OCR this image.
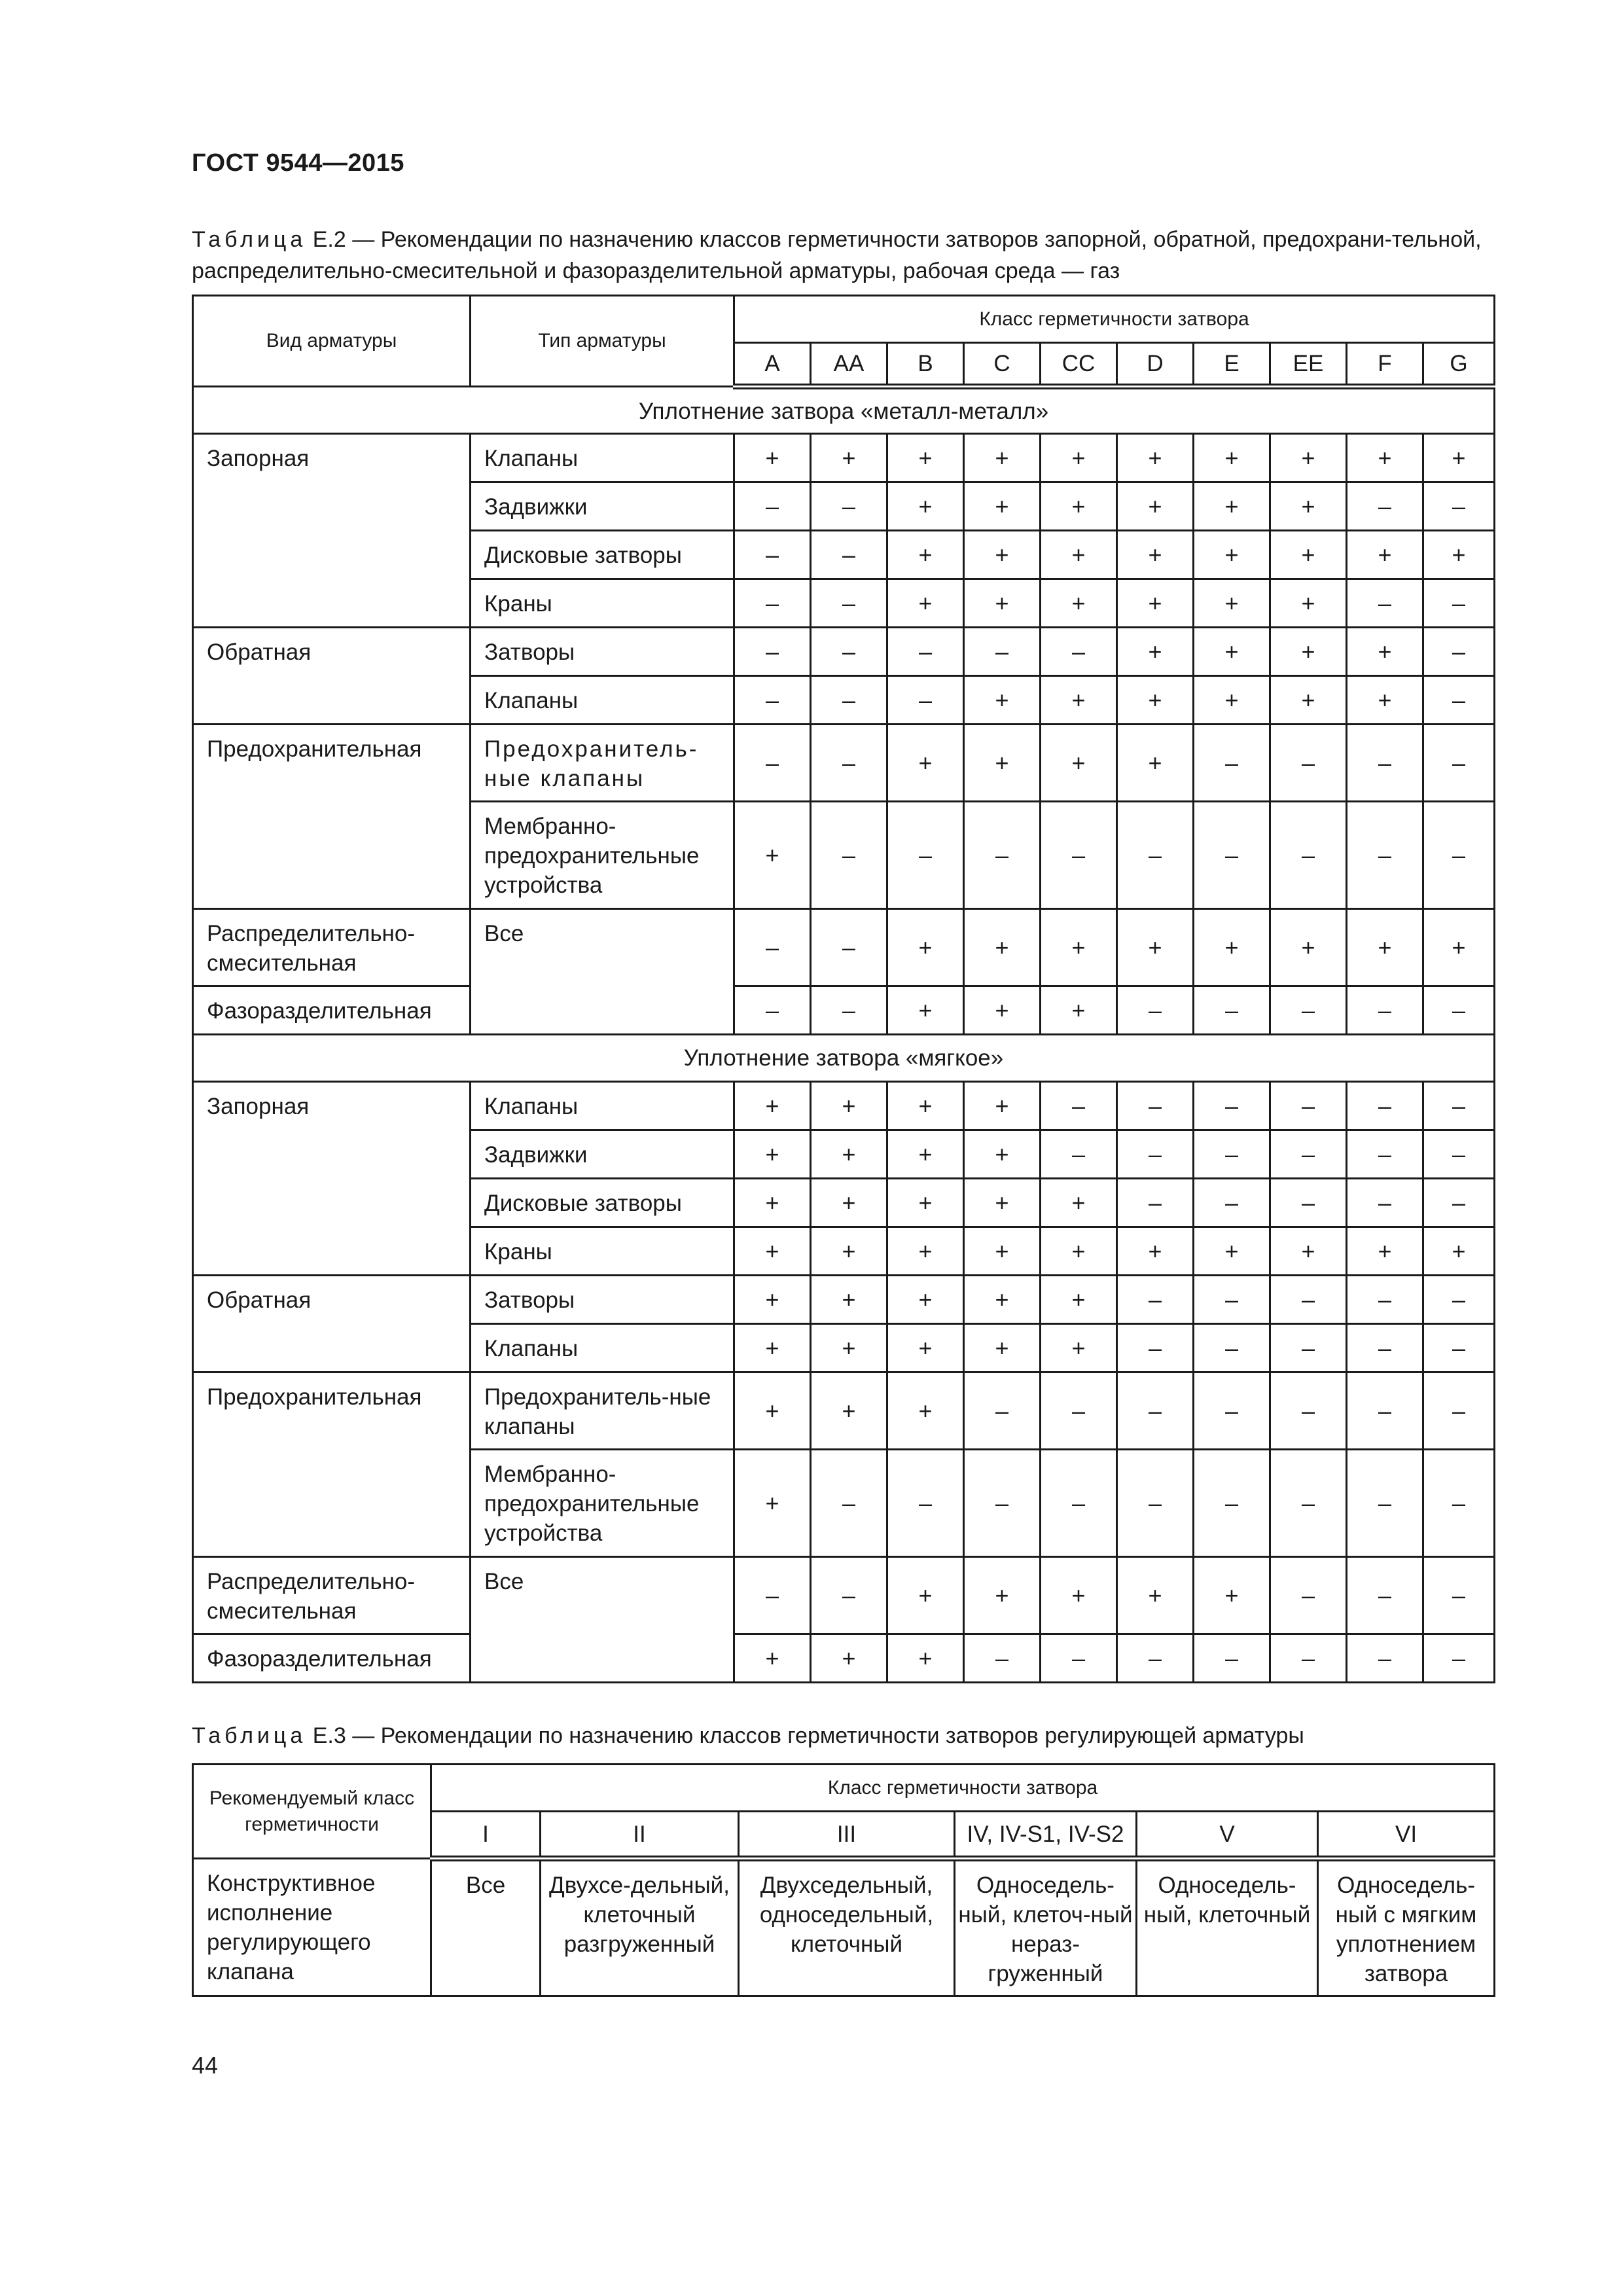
ГОСТ 9544—2015
Таблица Е.2 — Рекомендации по назначению классов герметичности затворов запорной, обратной, предохрани-тельной, распределительно-смесительной и фазоразделительной арматуры, рабочая среда — газ
Вид арматуры	Тип арматуры	Класс герметичности затвора									
		А	АА	В	С	СС	D	E	EE	F	G
Уплотнение затвора «металл-металл»											
Запорная	Клапаны	+	+	+	+	+	+	+	+	+	+
	Задвижки	–	–	+	+	+	+	+	+	–	–
	Дисковые затворы	–	–	+	+	+	+	+	+	+	+
	Краны	–	–	+	+	+	+	+	+	–	–
Обратная	Затворы	–	–	–	–	–	+	+	+	+	–
	Клапаны	–	–	–	+	+	+	+	+	+	–
Предохранительная	Предохранитель-ные клапаны	–	–	+	+	+	+	–	–	–	–
	Мембранно-предохранительные устройства	+	–	–	–	–	–	–	–	–	–
Распределительно-смесительная	Все	–	–	+	+	+	+	+	+	+	+
Фазоразделительная		–	–	+	+	+	–	–	–	–	–
Уплотнение затвора «мягкое»											
Запорная	Клапаны	+	+	+	+	–	–	–	–	–	–
	Задвижки	+	+	+	+	–	–	–	–	–	–
	Дисковые затворы	+	+	+	+	+	–	–	–	–	–
	Краны	+	+	+	+	+	+	+	+	+	+
Обратная	Затворы	+	+	+	+	+	–	–	–	–	–
	Клапаны	+	+	+	+	+	–	–	–	–	–
Предохранительная	Предохранитель-ные клапаны	+	+	+	–	–	–	–	–	–	–
	Мембранно-предохранительные устройства	+	–	–	–	–	–	–	–	–	–
Распределительно-смесительная	Все	–	–	+	+	+	+	+	–	–	–
Фазоразделительная		+	+	+	–	–	–	–	–	–	–
Таблица Е.3 — Рекомендации по назначению классов герметичности затворов регулирующей арматуры
Рекомендуемый класс герметичности	Класс герметичности затвора					
	I	II	III	IV, IV-S1, IV-S2	V	VI
Конструктивное исполнение регулирующего клапана	Все	Двухсе-дельный, клеточный разгруженный	Двухседельный, односедельный, клеточный	Односедель-ный, клеточ-ный нераз-груженный	Односедель-ный, клеточный	Односедель-ный с мягким уплотнением затвора
44
